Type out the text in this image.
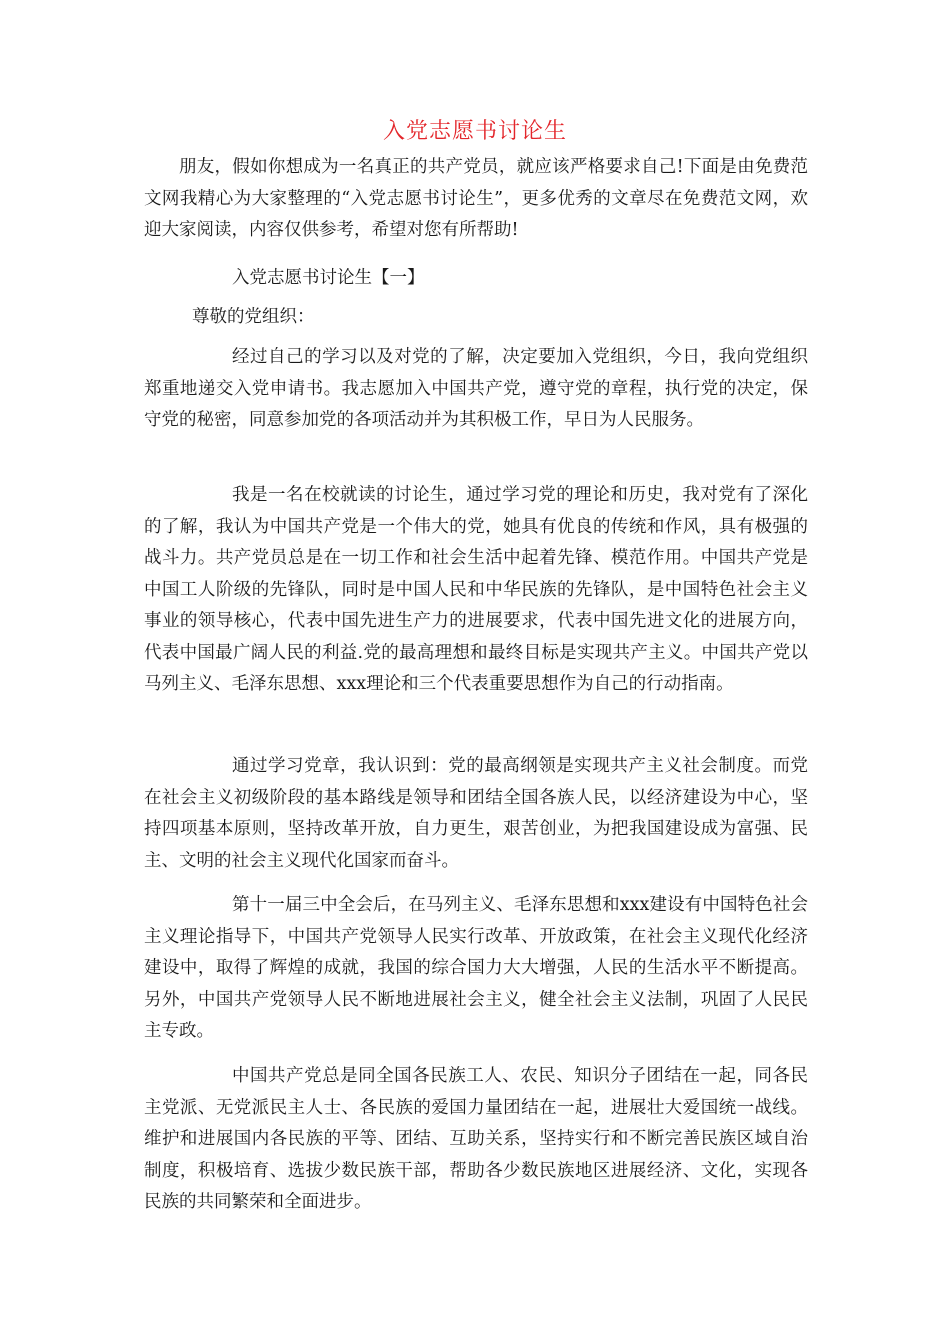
入党志愿书讨论生

朋友，假如你想成为一名真正的共产党员，就应该严格要求自己!下面是由免费范文网我精心为大家整理的“入党志愿书讨论生”，更多优秀的文章尽在免费范文网，欢迎大家阅读，内容仅供参考，希望对您有所帮助!

入党志愿书讨论生【一】

尊敬的党组织：

经过自己的学习以及对党的了解，决定要加入党组织，今日，我向党组织郑重地递交入党申请书。我志愿加入中国共产党，遵守党的章程，执行党的决定，保守党的秘密，同意参加党的各项活动并为其积极工作，早日为人民服务。

我是一名在校就读的讨论生，通过学习党的理论和历史，我对党有了深化的了解，我认为中国共产党是一个伟大的党，她具有优良的传统和作风，具有极强的战斗力。共产党员总是在一切工作和社会生活中起着先锋、模范作用。中国共产党是中国工人阶级的先锋队，同时是中国人民和中华民族的先锋队，是中国特色社会主义事业的领导核心，代表中国先进生产力的进展要求，代表中国先进文化的进展方向，代表中国最广阔人民的利益.党的最高理想和最终目标是实现共产主义。中国共产党以马列主义、毛泽东思想、xxx理论和三个代表重要思想作为自己的行动指南。

通过学习党章，我认识到：党的最高纲领是实现共产主义社会制度。而党在社会主义初级阶段的基本路线是领导和团结全国各族人民，以经济建设为中心，坚持四项基本原则，坚持改革开放，自力更生，艰苦创业，为把我国建设成为富强、民主、文明的社会主义现代化国家而奋斗。

第十一届三中全会后，在马列主义、毛泽东思想和xxx建设有中国特色社会主义理论指导下，中国共产党领导人民实行改革、开放政策，在社会主义现代化经济建设中，取得了辉煌的成就，我国的综合国力大大增强，人民的生活水平不断提高。另外，中国共产党领导人民不断地进展社会主义，健全社会主义法制，巩固了人民民主专政。

中国共产党总是同全国各民族工人、农民、知识分子团结在一起，同各民主党派、无党派民主人士、各民族的爱国力量团结在一起，进展壮大爱国统一战线。维护和进展国内各民族的平等、团结、互助关系，坚持实行和不断完善民族区域自治制度，积极培育、选拔少数民族干部，帮助各少数民族地区进展经济、文化，实现各民族的共同繁荣和全面进步。
